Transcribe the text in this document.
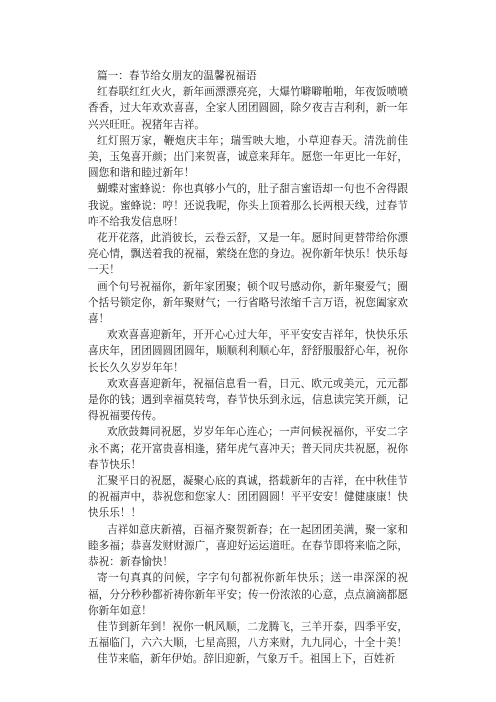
篇一：春节给女朋友的温馨祝福语

红春联红红火火，新年画漂漂亮亮，大爆竹噼噼啪啪，年夜饭喷喷香香，过大年欢欢喜喜，全家人团团圆圆，除夕夜吉吉利利，新一年兴兴旺旺。祝猪年吉祥。

红灯照万家，鞭炮庆丰年；瑞雪映大地，小草迎春天。清洗前佳美，玉兔喜开颜；出门来贺喜，诚意来拜年。愿您一年更比一年好，圆您和谐和睦过新年！

蝴蝶对蜜蜂说：你也真够小气的，肚子甜言蜜语却一句也不舍得跟我说。蜜蜂说：哼！还说我呢，你头上顶着那么长两根天线，过春节咋不给我发信息呀！

花开花落，此消彼长，云卷云舒，又是一年。愿时间更替带给你漂亮心情，飘送着我的祝福，萦绕在您的身边。祝你新年快乐！快乐每一天！

画个句号祝福你，新年家团聚；顿个叹号感动你，新年聚爱气；圈个括号锁定你，新年聚财气；一行省略号浓缩千言万语，祝您阖家欢喜！

欢欢喜喜迎新年，开开心心过大年，平平安安吉祥年，快快乐乐喜庆年，团团圆圆团圆年，顺顺利利顺心年，舒舒服服舒心年，祝你长长久久岁岁年年！

欢欢喜喜迎新年，祝福信息看一看，日元、欧元或美元，元元都是你的钱；遇到幸福莫转弯，春节快乐到永远，信息读完笑开颜，记得祝福要传传。

欢欣鼓舞同祝愿，岁岁年年心连心；一声问候祝福你，平安二字永不离；花开富贵喜相逢，猪年虎气喜冲天；普天同庆共祝愿，祝你春节快乐！

汇聚平日的祝愿，凝聚心底的真诚，搭载新年的吉祥，在中秋佳节的祝福声中，恭祝您和您家人：团团圆圆！平平安安！健健康康！快快乐乐！！

吉祥如意庆新禧，百福齐聚贺新春；在一起团团美满，聚一家和睦多福；恭喜发财财源广，喜迎好运运道旺。在春节即将来临之际，恭祝：新春愉快！

寄一句真真的问候，字字句句都祝你新年快乐；送一串深深的祝福，分分秒秒都祈祷你新年平安；传一份浓浓的心意，点点滴滴都愿你新年如意！

佳节到新年到！祝你一帆风顺，二龙腾飞，三羊开泰，四季平安，五福临门，六六大顺，七星高照，八方来财，九九同心，十全十美！

佳节来临，新年伊始。辞旧迎新，气象万千。祖国上下，百姓祈
